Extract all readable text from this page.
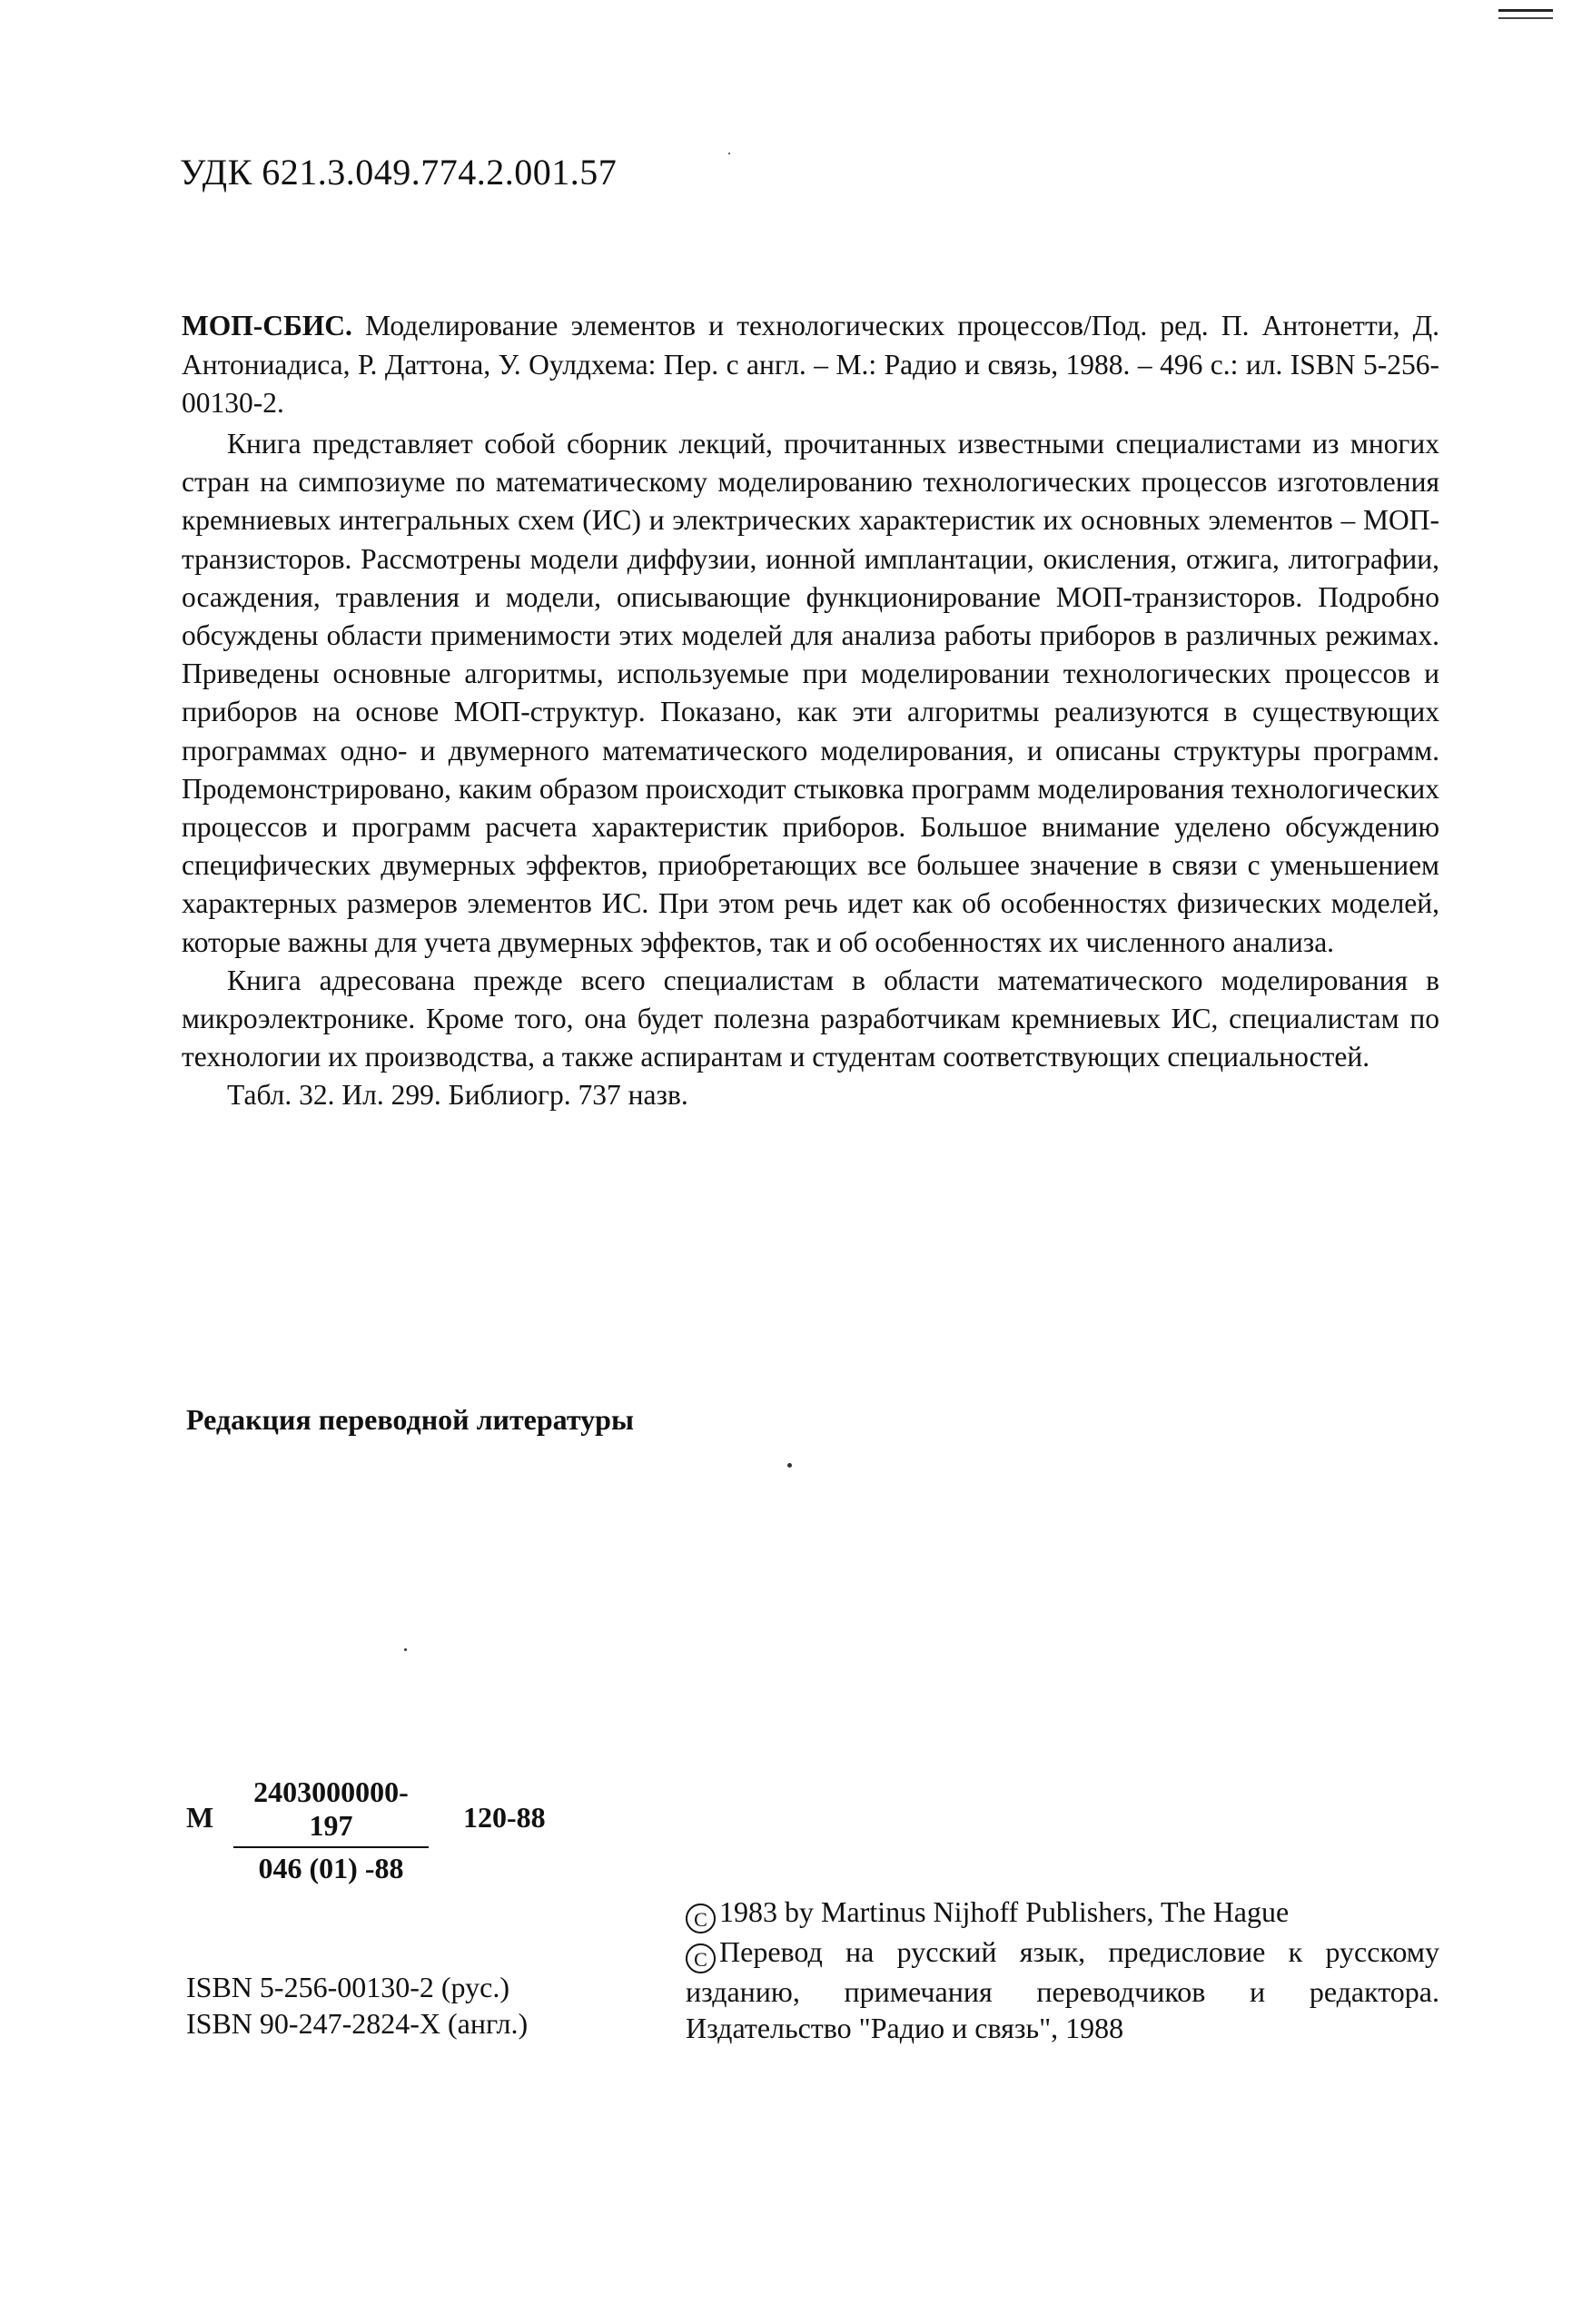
УДК 621.3.049.774.2.001.57

МОП-СБИС. Моделирование элементов и технологических процессов/Под. ред. П. Антонетти, Д. Антониадиса, Р. Даттона, У. Оулдхема: Пер. с англ. – М.: Радио и связь, 1988. – 496 с.: ил. ISBN 5-256-00130-2.

Книга представляет собой сборник лекций, прочитанных известными специалистами из многих стран на симпозиуме по математическому моделированию технологических процессов изготовления кремниевых интегральных схем (ИС) и электрических характеристик их основных элементов – МОП-транзисторов. Рассмотрены модели диффузии, ионной имплантации, окисления, отжига, литографии, осаждения, травления и модели, описывающие функционирование МОП-транзисторов. Подробно обсуждены области применимости этих моделей для анализа работы приборов в различных режимах. Приведены основные алгоритмы, используемые при моделировании технологических процессов и приборов на основе МОП-структур. Показано, как эти алгоритмы реализуются в существующих программах одно- и двумерного математического моделирования, и описаны структуры программ. Продемонстрировано, каким образом происходит стыковка программ моделирования технологических процессов и программ расчета характеристик приборов. Большое внимание уделено обсуждению специфических двумерных эффектов, приобретающих все большее значение в связи с уменьшением характерных размеров элементов ИС. При этом речь идет как об особенностях физических моделей, которые важны для учета двумерных эффектов, так и об особенностях их численного анализа.

Книга адресована прежде всего специалистам в области математического моделирования в микроэлектронике. Кроме того, она будет полезна разработчикам кремниевых ИС, специалистам по технологии их производства, а также аспирантам и студентам соответствующих специальностей.

Табл. 32. Ил. 299. Библиогр. 737 назв.

Редакция переводной литературы
М $\frac{2403000000-197}{046 (01) -88} 120-88$
ISBN 5-256-00130-2 (рус.)
ISBN 90-247-2824-X (англ.)

C 1983 by Martinus Nijhoff Publishers, The Hague

C Перевод на русский язык, предисловие к русскому изданию, примечания переводчиков и редактора. Издательство "Радио и связь", 1988
